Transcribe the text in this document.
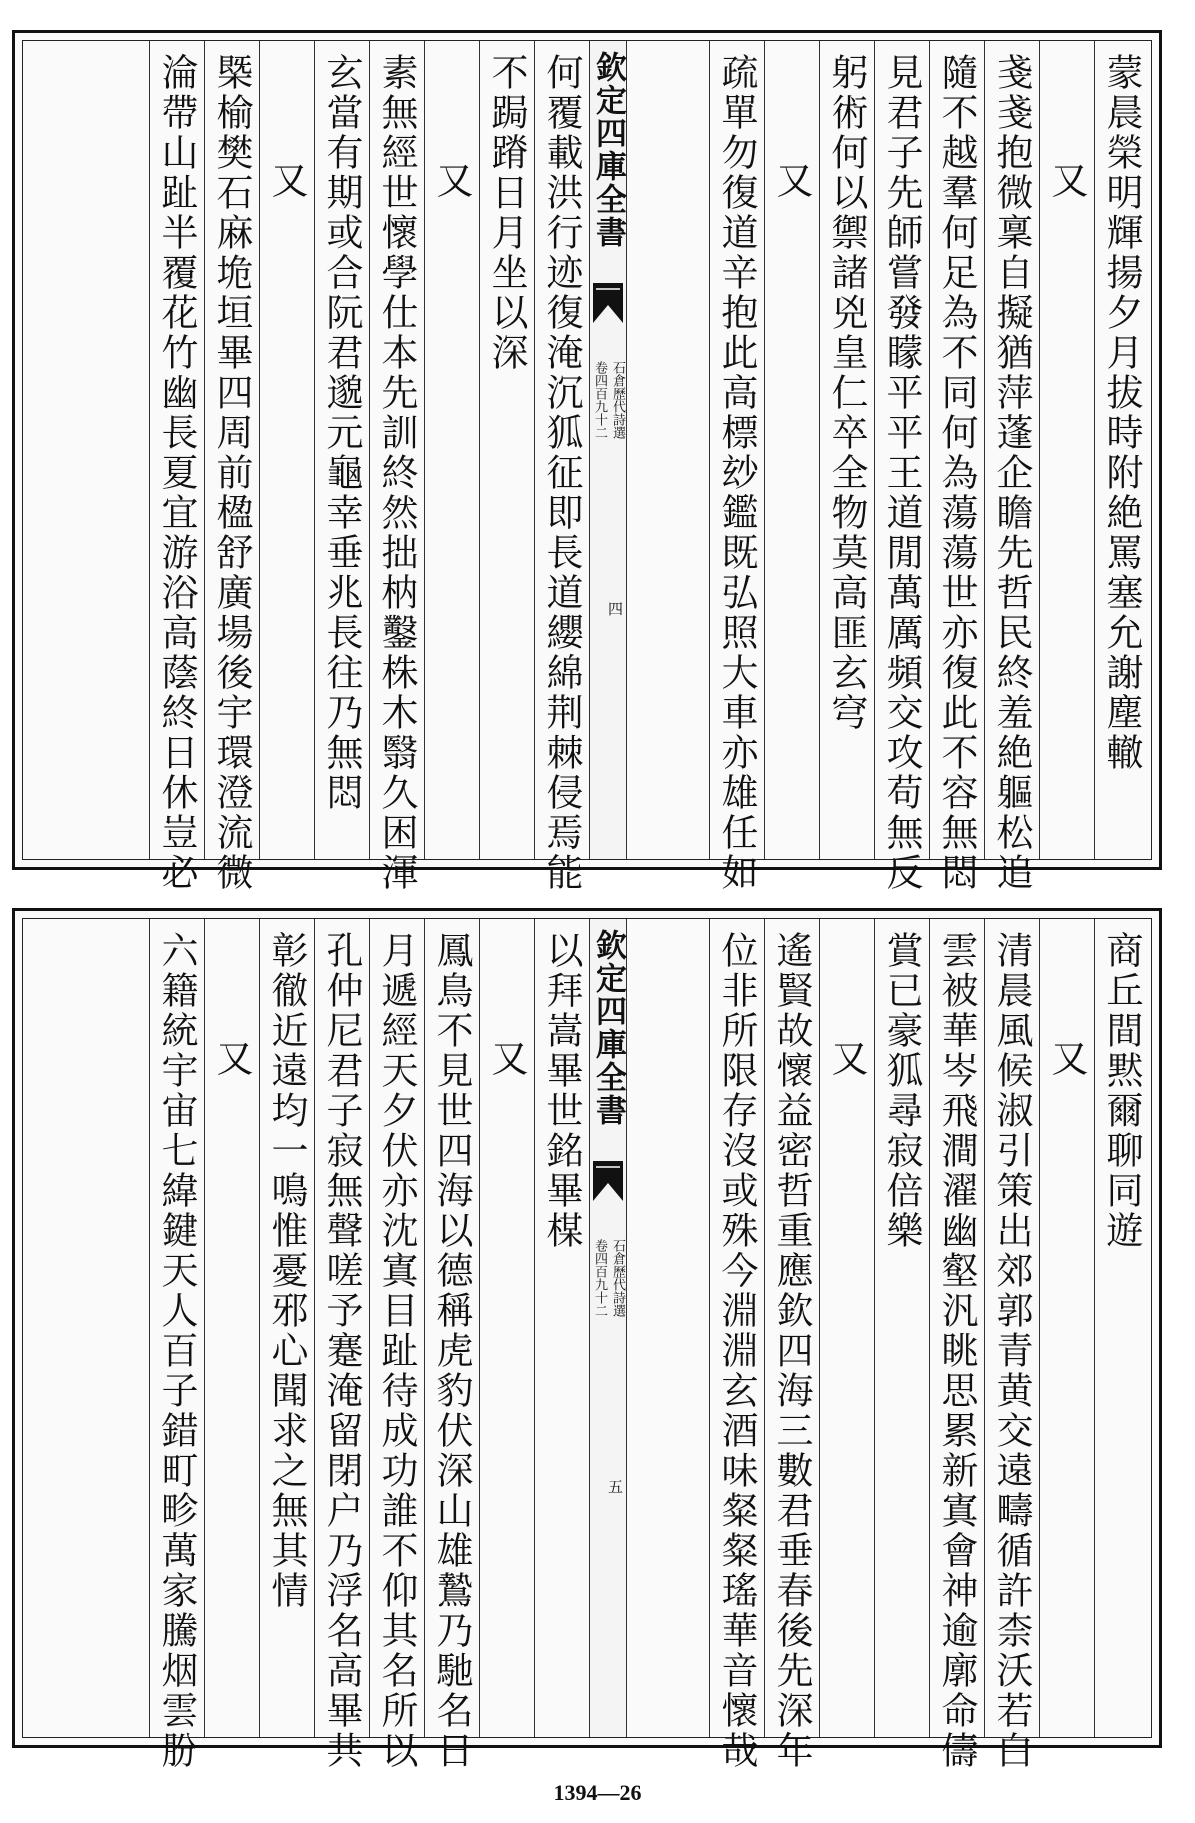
蒙晨榮明輝揚夕月拔時附絶罵塞允謝塵轍
又
戔戔抱微稟自擬猶萍蓬企瞻先哲民終羞絶軀松追
隨不越羣何足為不同何為蕩蕩世亦復此不容無悶
見君子先師嘗發矇平平王道閒萬厲頻交攻苟無反
躬術何以禦諸兇皇仁卒全物莫高匪玄穹
又
疏單勿復道辛抱此高標玅鑑既弘照大車亦雄任如
欽定四庫全書
石倉歷代詩選
卷四百九十二
四
何覆載洪行迹復淹沉狐征即長道纓綿荆棘侵焉能
不跼蹐日月坐以深
又
素無經世懷學仕本先訓終然拙枘鑿株木翳久困渾
玄當有期或合阮君邈元龜幸垂兆長往乃無悶
又
槩榆樊石麻垝垣畢四周前楹舒廣場後宇環澄流微
淪帶山趾半覆花竹幽長夏宜游浴高蔭終日休豈必
商丘間黙爾聊同遊
又
清晨風候淑引策出郊郭青黄交遠疇循許柰沃若白
雲被華岑飛澗濯幽壑汎眺思累新寘會神逾廓命儔
賞已豪狐尋寂倍樂
又
遙賢故懷益密哲重應欽四海三數君垂春後先深年
位非所限存沒或殊今淵淵玄酒味粲粲瑤華音懷哉
欽定四庫全書
石倉歷代詩選
卷四百九十二
五
以拜嵩畢世銘畢楳
又
鳳鳥不見世四海以德稱虎豹伏深山雄鷙乃馳名日
月遞經天夕伏亦沈寘目趾待成功誰不仰其名所以
孔仲尼君子寂無聲嗟予蹇淹留閉户乃浮名高畢共
彰徹近遠均一鳴惟憂邪心聞求之無其情
又
六籍統宇宙七緯鍵天人百子錯町畛萬家騰烟雲朌
1394—26
